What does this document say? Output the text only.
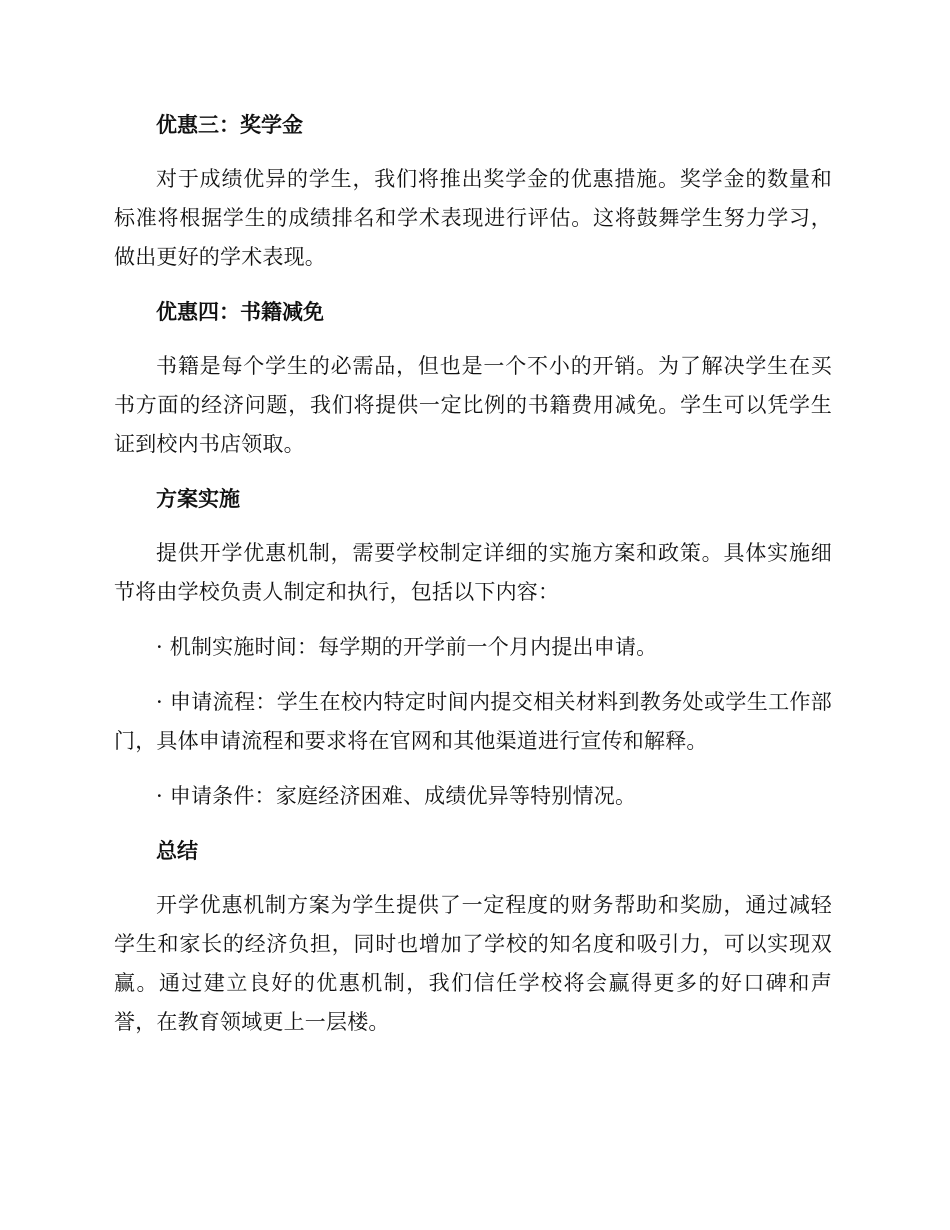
优惠三：奖学金

对于成绩优异的学生，我们将推出奖学金的优惠措施。奖学金的数量和标准将根据学生的成绩排名和学术表现进行评估。这将鼓舞学生努力学习，做出更好的学术表现。

优惠四：书籍减免

书籍是每个学生的必需品，但也是一个不小的开销。为了解决学生在买书方面的经济问题，我们将提供一定比例的书籍费用减免。学生可以凭学生证到校内书店领取。

方案实施

提供开学优惠机制，需要学校制定详细的实施方案和政策。具体实施细节将由学校负责人制定和执行，包括以下内容：

· 机制实施时间：每学期的开学前一个月内提出申请。

· 申请流程：学生在校内特定时间内提交相关材料到教务处或学生工作部门，具体申请流程和要求将在官网和其他渠道进行宣传和解释。

· 申请条件：家庭经济困难、成绩优异等特别情况。

总结

开学优惠机制方案为学生提供了一定程度的财务帮助和奖励，通过减轻学生和家长的经济负担，同时也增加了学校的知名度和吸引力，可以实现双赢。通过建立良好的优惠机制，我们信任学校将会赢得更多的好口碑和声誉，在教育领域更上一层楼。
